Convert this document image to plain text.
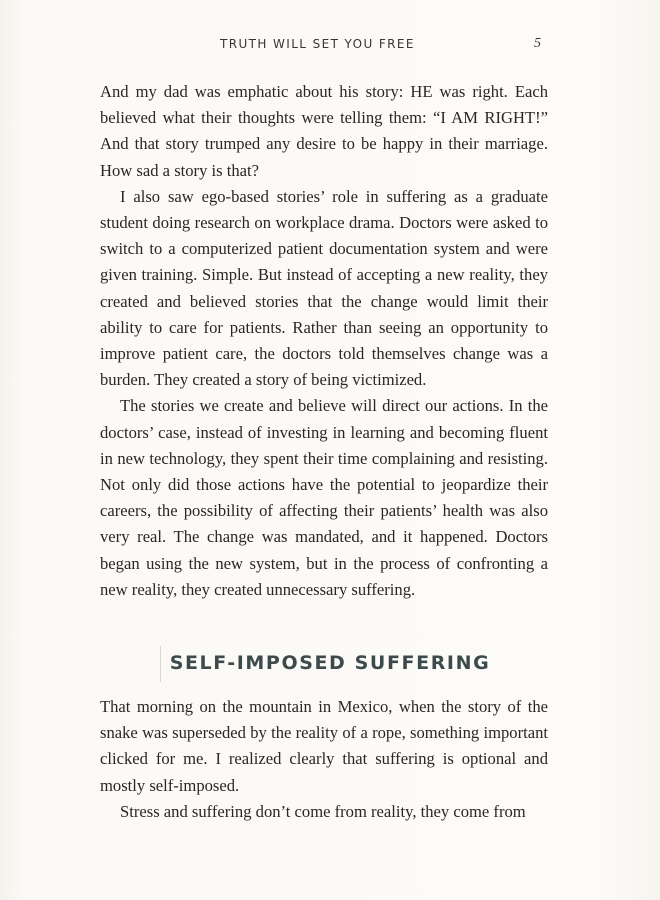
TRUTH WILL SET YOU FREE	5

And my dad was emphatic about his story: HE was right. Each believed what their thoughts were telling them: “I AM RIGHT!” And that story trumped any desire to be happy in their marriage. How sad a story is that?

I also saw ego-based stories’ role in suffering as a graduate student doing research on workplace drama. Doctors were asked to switch to a computerized patient documentation system and were given training. Simple. But instead of accepting a new reality, they created and believed stories that the change would limit their ability to care for patients. Rather than seeing an opportunity to improve patient care, the doctors told themselves change was a burden. They created a story of being victimized.

The stories we create and believe will direct our actions. In the doctors’ case, instead of investing in learning and becoming fluent in new technology, they spent their time complaining and resisting. Not only did those actions have the potential to jeopardize their careers, the possibility of affecting their patients’ health was also very real. The change was mandated, and it happened. Doctors began using the new system, but in the process of confronting a new reality, they created unnecessary suffering.

SELF-IMPOSED SUFFERING

That morning on the mountain in Mexico, when the story of the snake was superseded by the reality of a rope, something important clicked for me. I realized clearly that suffering is optional and mostly self-imposed.

Stress and suffering don’t come from reality, they come from
